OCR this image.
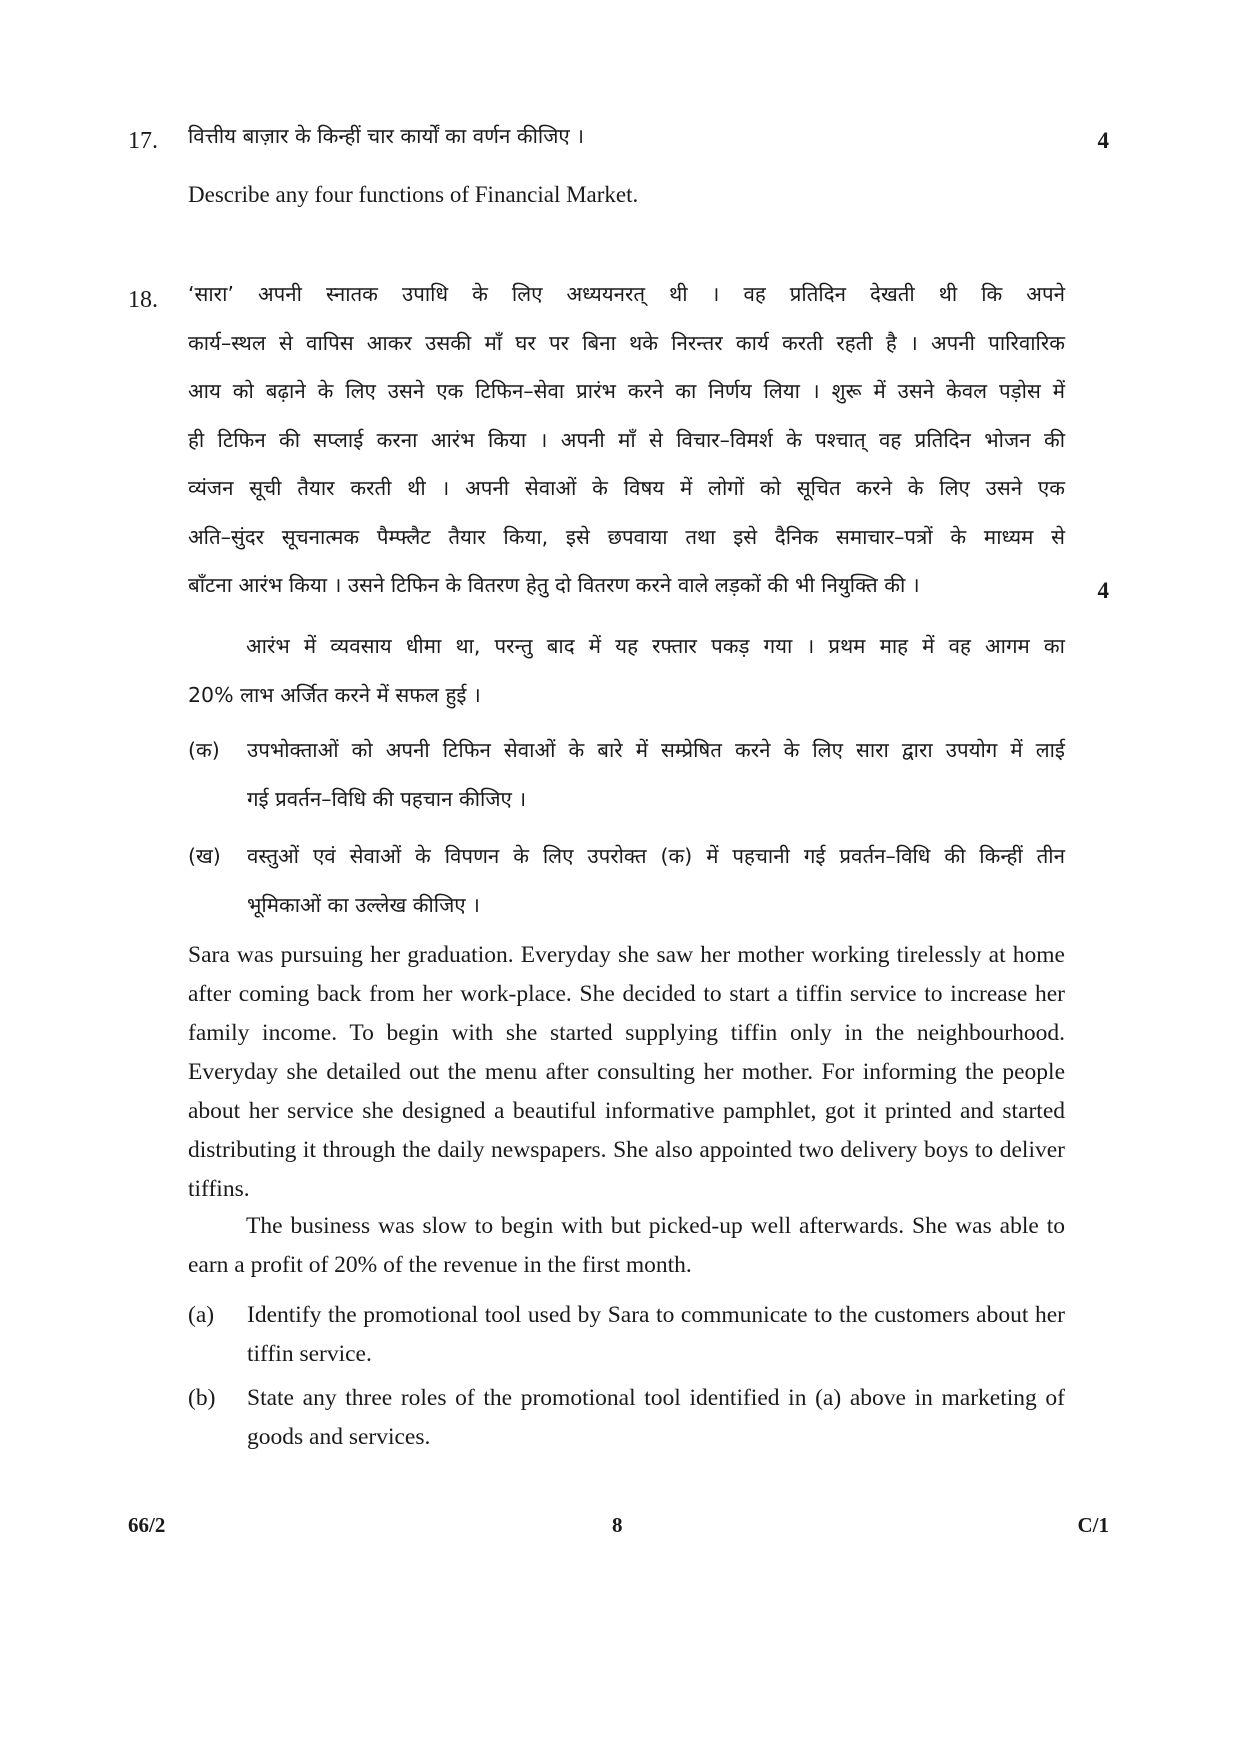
17.	4

वित्तीय बाज़ार के किन्हीं चार कार्यों का वर्णन कीजिए ।

Describe any four functions of Financial Market.

18. ‘सारा’ अपनी स्नातक उपाधि के लिए अध्ययनरत् थी । वह प्रतिदिन देखती थी कि अपने

कार्य–स्थल से वापिस आकर उसकी माँ घर पर बिना थके निरन्तर कार्य करती रहती है । अपनी पारिवारिक

आय को बढ़ाने के लिए उसने एक टिफिन–सेवा प्रारंभ करने का निर्णय लिया । शुरू में उसने केवल पड़ोस में

ही टिफिन की सप्लाई करना आरंभ किया । अपनी माँ से विचार–विमर्श के पश्चात् वह प्रतिदिन भोजन की

व्यंजन सूची तैयार करती थी । अपनी सेवाओं के विषय में लोगों को सूचित करने के लिए उसने एक

अति–सुंदर सूचनात्मक पैम्फ्लैट तैयार किया, इसे छपवाया तथा इसे दैनिक समाचार–पत्रों के माध्यम से

बाँटना आरंभ किया । उसने टिफिन के वितरण हेतु दो वितरण करने वाले लड़कों की भी नियुक्ति की ।	4

आरंभ में व्यवसाय धीमा था, परन्तु बाद में यह रफ्तार पकड़ गया । प्रथम माह में वह आगम का

20% लाभ अर्जित करने में सफल हुई ।

(क) उपभोक्ताओं को अपनी टिफिन सेवाओं के बारे में सम्प्रेषित करने के लिए सारा द्वारा उपयोग में लाई

गई प्रवर्तन–विधि की पहचान कीजिए ।

(ख) वस्तुओं एवं सेवाओं के विपणन के लिए उपरोक्त (क) में पहचानी गई प्रवर्तन–विधि की किन्हीं तीन

भूमिकाओं का उल्लेख कीजिए ।

Sara was pursuing her graduation. Everyday she saw her mother working tirelessly at home after coming back from her work-place. She decided to start a tiffin service to increase her family income. To begin with she started supplying tiffin only in the neighbourhood. Everyday she detailed out the menu after consulting her mother. For informing the people about her service she designed a beautiful informative pamphlet, got it printed and started distributing it through the daily newspapers. She also appointed two delivery boys to deliver tiffins.

The business was slow to begin with but picked-up well afterwards. She was able to earn a profit of 20% of the revenue in the first month.

(a) Identify the promotional tool used by Sara to communicate to the customers about her tiffin service.

(b) State any three roles of the promotional tool identified in (a) above in marketing of goods and services.

66/2	8	C/1
